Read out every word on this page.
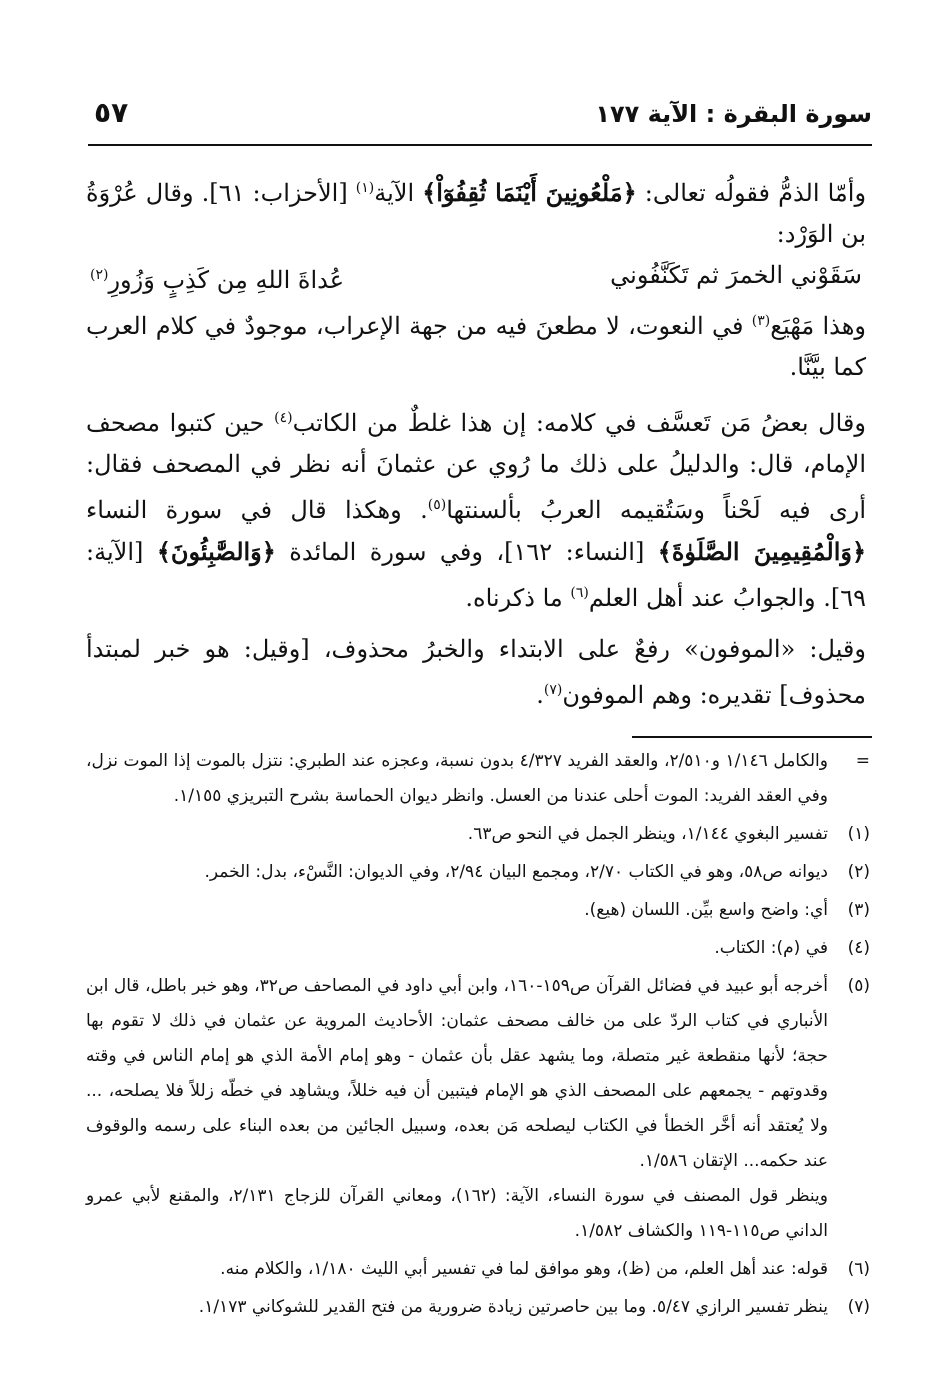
سورة البقرة : الآية ١٧٧
٥٧

وأمّا الذمُّ فقولُه تعالى: ﴿مَلْعُونِينَ أَيْنَمَا ثُقِفُوٓاْ﴾ الآية$^{(١)}$ [الأحزاب: ٦١]. وقال عُرْوَةُ بن الوَرْد:

سَقَوْني الخمرَ ثم تَكَنَّفُوني
عُداةَ اللهِ مِن كَذِبٍ وَزُورِ$^{(٢)}$

وهذا مَهْيَع$^{(٣)}$ في النعوت، لا مطعنَ فيه من جهة الإعراب، موجودٌ في كلام العرب كما بيَّنَّا.

وقال بعضُ مَن تَعسَّف في كلامه: إن هذا غلطٌ من الكاتب$^{(٤)}$ حين كتبوا مصحف الإمام، قال: والدليلُ على ذلك ما رُوي عن عثمانَ أنه نظر في المصحف فقال: أرى فيه لَحْناً وسَتُقيمه العربُ بألسنتها$^{(٥)}$. وهكذا قال في سورة النساء ﴿وَالْمُقِيمِينَ الصَّلَوٰةَ﴾ [النساء: ١٦٢]، وفي سورة المائدة ﴿وَالصَّٰبِئُونَ﴾ [الآية: ٦٩]. والجوابُ عند أهل العلم$^{(٦)}$ ما ذكرناه.

وقيل: «الموفون» رفعٌ على الابتداء والخبرُ محذوف، [وقيل: هو خبر لمبتدأ محذوف] تقديره: وهم الموفون$^{(٧)}$.

=

والكامل ١/١٤٦ و٢/٥١٠، والعقد الفريد ٤/٣٢٧ بدون نسبة، وعجزه عند الطبري: نتزل بالموت إذا الموت نزل، وفي العقد الفريد: الموت أحلى عندنا من العسل. وانظر ديوان الحماسة بشرح التبريزي ١/١٥٥.

(١)

تفسير البغوي ١/١٤٤، وينظر الجمل في النحو ص٦٣.

(٢)

ديوانه ص٥٨، وهو في الكتاب ٢/٧٠، ومجمع البيان ٢/٩٤، وفي الديوان: النَّسْء، بدل: الخمر.

(٣)

أي: واضح واسع بيِّن. اللسان (هيع).

(٤)

في (م): الكتاب.

(٥)

أخرجه أبو عبيد في فضائل القرآن ص١٥٩-١٦٠، وابن أبي داود في المصاحف ص٣٢، وهو خبر باطل، قال ابن الأنباري في كتاب الردّ على من خالف مصحف عثمان: الأحاديث المروية عن عثمان في ذلك لا تقوم بها حجة؛ لأنها منقطعة غير متصلة، وما يشهد عقل بأن عثمان - وهو إمام الأمة الذي هو إمام الناس في وقته وقدوتهم - يجمعهم على المصحف الذي هو الإمام فيتبين أن فيه خللاً، ويشاهِد في خطّه زللاً فلا يصلحه، ... ولا يُعتقد أنه أخَّر الخطأ في الكتاب ليصلحه مَن بعده، وسبيل الجائين من بعده البناء على رسمه والوقوف عند حكمه... الإتقان ١/٥٨٦.

وينظر قول المصنف في سورة النساء، الآية: (١٦٢)، ومعاني القرآن للزجاج ٢/١٣١، والمقنع لأبي عمرو الداني ص١١٥-١١٩ والكشاف ١/٥٨٢.

(٦)

قوله: عند أهل العلم، من (ظ)، وهو موافق لما في تفسير أبي الليث ١/١٨٠، والكلام منه.

(٧)

ينظر تفسير الرازي ٥/٤٧. وما بين حاصرتين زيادة ضرورية من فتح القدير للشوكاني ١/١٧٣.
